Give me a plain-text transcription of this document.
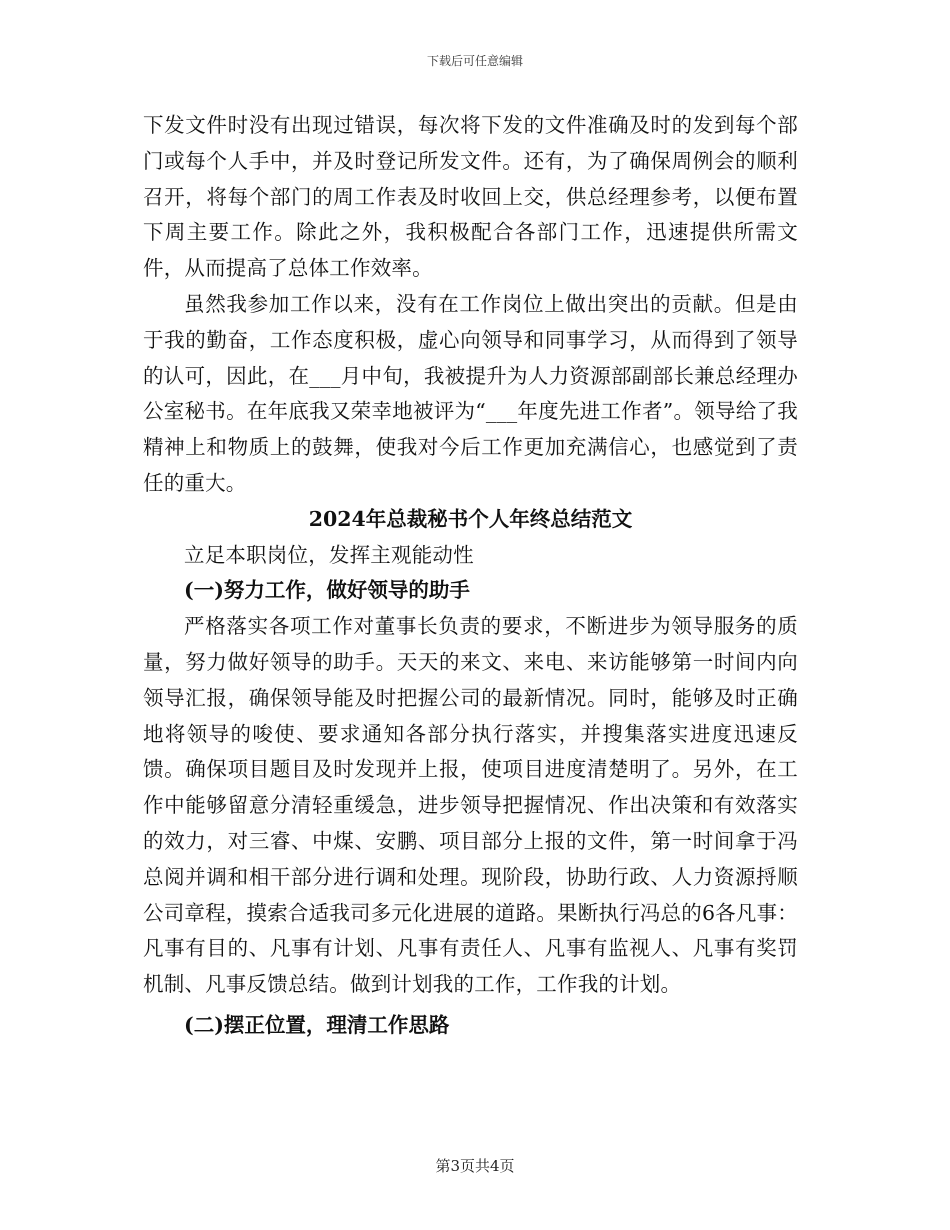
下载后可任意编辑

下发文件时没有出现过错误，每次将下发的文件准确及时的发到每个部门或每个人手中，并及时登记所发文件。还有，为了确保周例会的顺利召开，将每个部门的周工作表及时收回上交，供总经理参考，以便布置下周主要工作。除此之外，我积极配合各部门工作，迅速提供所需文件，从而提高了总体工作效率。

虽然我参加工作以来，没有在工作岗位上做出突出的贡献。但是由于我的勤奋，工作态度积极，虚心向领导和同事学习，从而得到了领导的认可，因此，在___月中旬，我被提升为人力资源部副部长兼总经理办公室秘书。在年底我又荣幸地被评为“___年度先进工作者”。领导给了我精神上和物质上的鼓舞，使我对今后工作更加充满信心，也感觉到了责任的重大。

2024年总裁秘书个人年终总结范文

立足本职岗位，发挥主观能动性

(一)努力工作，做好领导的助手

严格落实各项工作对董事长负责的要求，不断进步为领导服务的质量，努力做好领导的助手。天天的来文、来电、来访能够第一时间内向领导汇报，确保领导能及时把握公司的最新情况。同时，能够及时正确地将领导的唆使、要求通知各部分执行落实，并搜集落实进度迅速反馈。确保项目题目及时发现并上报，使项目进度清楚明了。另外，在工作中能够留意分清轻重缓急，进步领导把握情况、作出决策和有效落实的效力，对三睿、中煤、安鹏、项目部分上报的文件，第一时间拿于冯总阅并调和相干部分进行调和处理。现阶段，协助行政、人力资源捋顺公司章程，摸索合适我司多元化进展的道路。果断执行冯总的6各凡事：凡事有目的、凡事有计划、凡事有责任人、凡事有监视人、凡事有奖罚机制、凡事反馈总结。做到计划我的工作，工作我的计划。

(二)摆正位置，理清工作思路

第3页共4页
